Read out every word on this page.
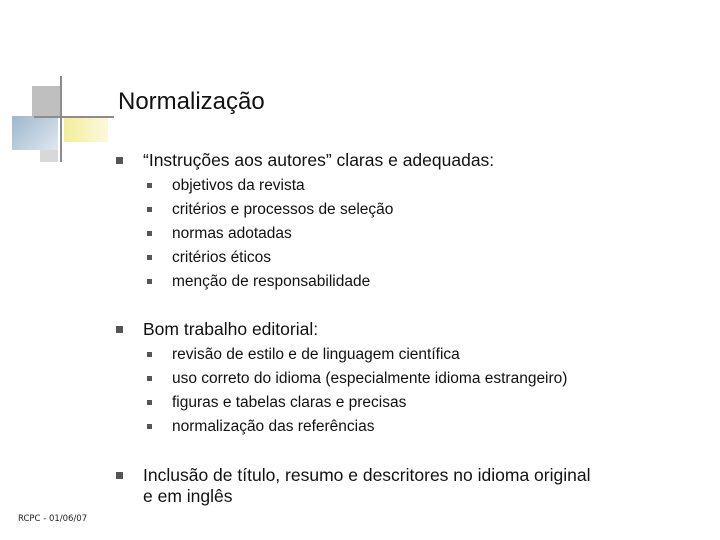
Normalização
“Instruções aos autores” claras e adequadas:
objetivos da revista
critérios e processos de seleção
normas adotadas
critérios éticos
menção de responsabilidade
Bom trabalho editorial:
revisão de estilo e de linguagem científica
uso correto do idioma (especialmente idioma estrangeiro)
figuras e tabelas claras e precisas
normalização das referências
Inclusão de título, resumo e descritores no idioma original
e em inglês
RCPC - 01/06/07
